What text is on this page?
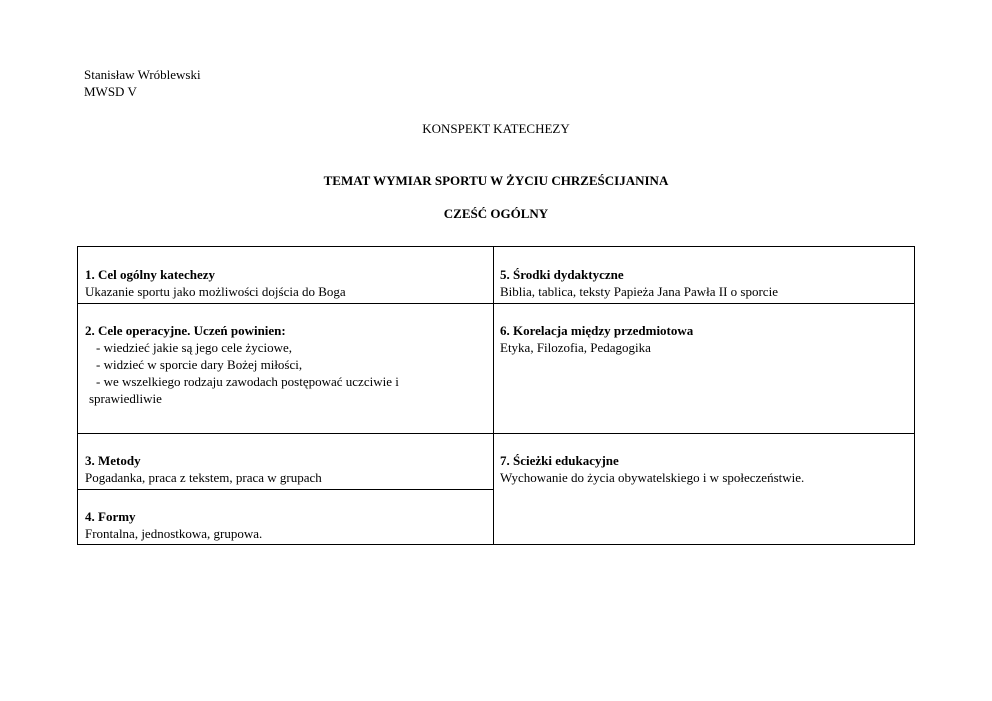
Stanisław Wróblewski
MWSD V
KONSPEKT KATECHEZY
TEMAT WYMIAR SPORTU W ŻYCIU CHRZEŚCIJANINA
CZEŚĆ OGÓLNY
1. Cel ogólny katechezy
Ukazanie sportu jako możliwości dojścia do Boga
2. Cele operacyjne. Uczeń powinien:
- wiedzieć jakie są jego cele życiowe,
- widzieć w sporcie dary Bożej miłości,
- we wszelkiego rodzaju zawodach postępować uczciwie i
sprawiedliwie
3. Metody
Pogadanka, praca z tekstem, praca w grupach
4. Formy
Frontalna, jednostkowa, grupowa.
5. Środki dydaktyczne
Biblia, tablica, teksty Papieża Jana Pawła II o sporcie
6. Korelacja między przedmiotowa
Etyka, Filozofia, Pedagogika
7. Ścieżki edukacyjne
Wychowanie do życia obywatelskiego i w społeczeństwie.
